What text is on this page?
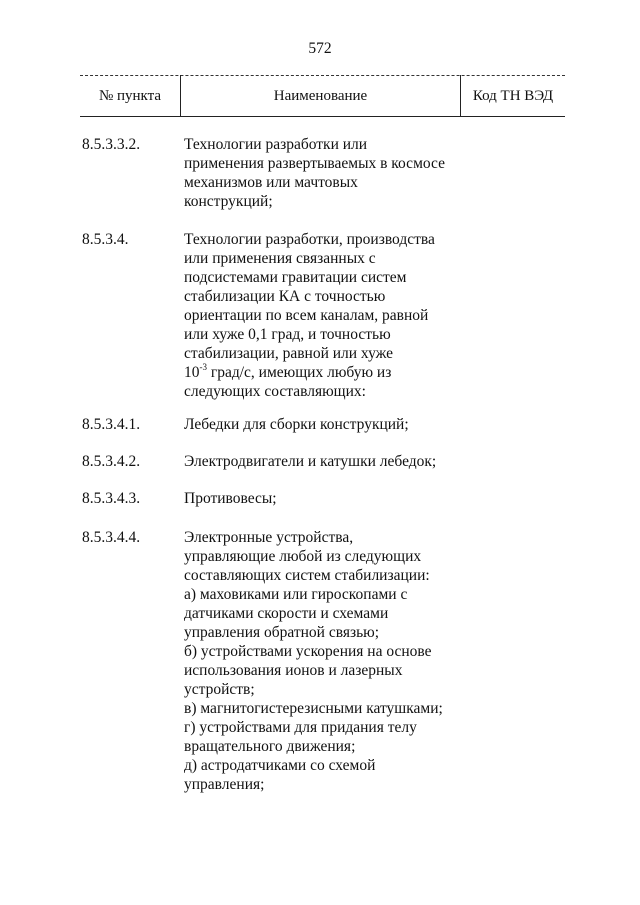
572
№ пункта	Наименование	Код ТН ВЭД
8.5.3.3.2.	Технологии разработки или
применения развертываемых в космосе
механизмов или мачтовых
конструкций;
8.5.3.4.	Технологии разработки, производства
или применения связанных с
подсистемами гравитации систем
стабилизации КА с точностью
ориентации по всем каналам, равной
или хуже 0,1 град, и точностью
стабилизации, равной или хуже
$10^{-3}$ град/с, имеющих любую из
следующих составляющих:
8.5.3.4.1.	Лебедки для сборки конструкций;
8.5.3.4.2.	Электродвигатели и катушки лебедок;
8.5.3.4.3.	Противовесы;
8.5.3.4.4.	Электронные устройства,
управляющие любой из следующих
составляющих систем стабилизации:
а) маховиками или гироскопами с
датчиками скорости и схемами
управления обратной связью;
б) устройствами ускорения на основе
использования ионов и лазерных
устройств;
в) магнитогистерезисными катушками;
г) устройствами для придания телу
вращательного движения;
д) астродатчиками со схемой
управления;
